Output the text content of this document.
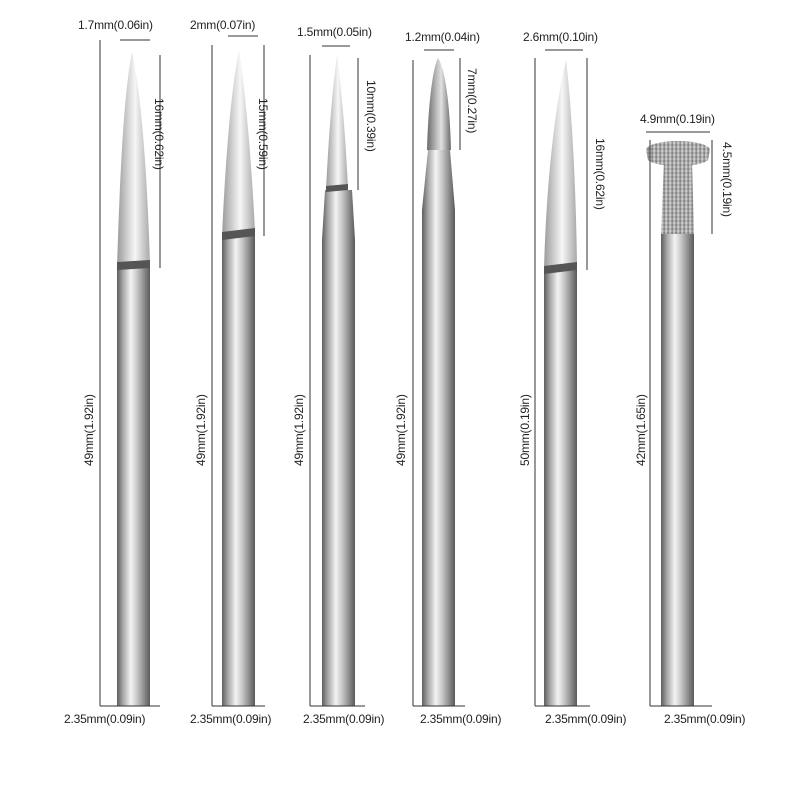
1.7mm(0.06in)
16mm(0.62in)
49mm(1.92in)
2.35mm(0.09in)
2mm(0.07in)
15mm(0.59in)
49mm(1.92in)
2.35mm(0.09in)
1.5mm(0.05in)
10mm(0.39in)
49mm(1.92in)
2.35mm(0.09in)
1.2mm(0.04in)
7mm(0.27in)
49mm(1.92in)
2.35mm(0.09in)
2.6mm(0.10in)
16mm(0.62in)
50mm(0.19in)
2.35mm(0.09in)
4.9mm(0.19in)
4.5mm(0.19in)
42mm(1.65in)
2.35mm(0.09in)
